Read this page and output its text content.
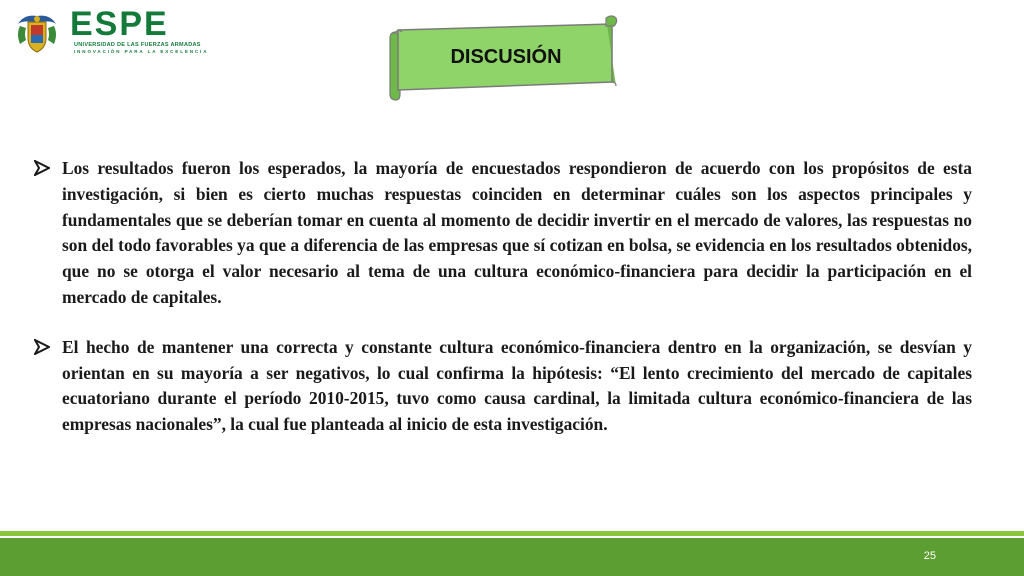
ESPE
UNIVERSIDAD DE LAS FUERZAS ARMADAS
INNOVACIÓN PARA LA EXCELENCIA	DISCUSIÓN
Los resultados fueron los esperados, la mayoría de encuestados respondieron de acuerdo con los propósitos de esta investigación, si bien es cierto muchas respuestas coinciden en determinar cuáles son los aspectos principales y fundamentales que se deberían tomar en cuenta al momento de decidir invertir en el mercado de valores, las respuestas no son del todo favorables ya que a diferencia de las empresas que sí cotizan en bolsa, se evidencia en los resultados obtenidos, que no se otorga el valor necesario al tema de una cultura económico-financiera para decidir la participación en el mercado de capitales.
El hecho de mantener una correcta y constante cultura económico-financiera dentro en la organización, se desvían y orientan en su mayoría a ser negativos, lo cual confirma la hipótesis: “El lento crecimiento del mercado de capitales ecuatoriano durante el período 2010-2015, tuvo como causa cardinal, la limitada cultura económico-financiera de las empresas nacionales”, la cual fue planteada al inicio de esta investigación.
25
